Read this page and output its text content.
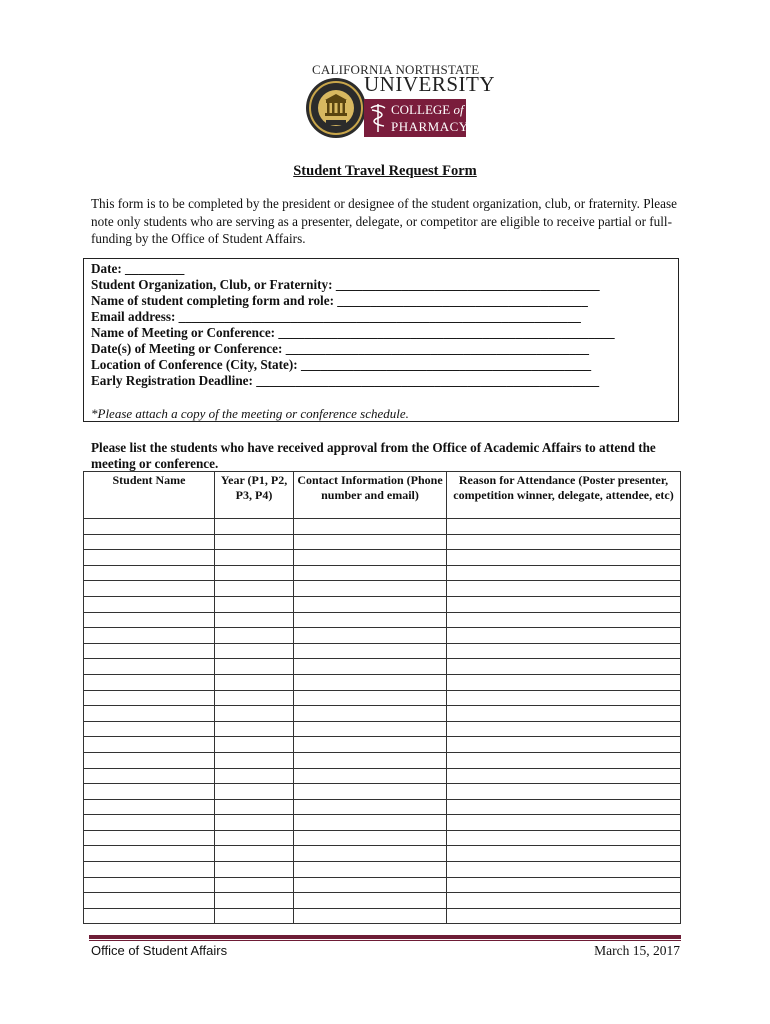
CALIFORNIA NORTHSTATE
UNIVERSITY
COLLEGE of
PHARMACY
Student Travel Request Form
This form is to be completed by the president or designee of the student organization, club, or fraternity. Please note only students who are serving as a presenter, delegate, or competitor are eligible to receive partial or full-funding by the Office of Student Affairs.
Date: _________
Student Organization, Club, or Fraternity: ________________________________________
Name of student completing form and role: ______________________________________
Email address: _____________________________________________________________
Name of Meeting or Conference: ___________________________________________________
Date(s) of Meeting or Conference: ______________________________________________
Location of Conference (City, State): ____________________________________________
Early Registration Deadline: ____________________________________________________
*Please attach a copy of the meeting or conference schedule.
Please list the students who have received approval from the Office of Academic Affairs to attend the meeting or conference.
Student Name	Year (P1, P2, P3, P4)	Contact Information (Phone number and email)	Reason for Attendance (Poster presenter, competition winner, delegate, attendee, etc)

Office of Student Affairs	March 15, 2017
